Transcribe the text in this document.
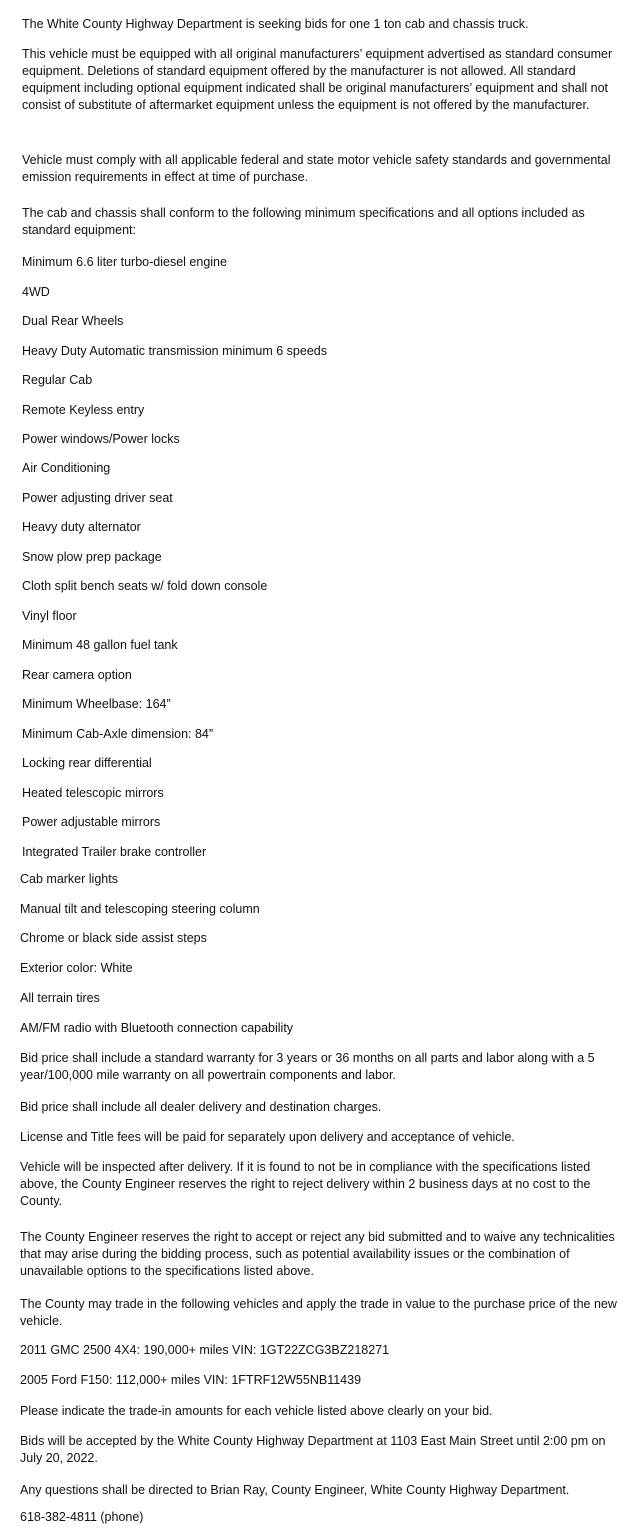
The White County Highway Department is seeking bids for one 1 ton cab and chassis truck.
This vehicle must be equipped with all original manufacturers’ equipment advertised as standard consumer equipment. Deletions of standard equipment offered by the manufacturer is not allowed. All standard equipment including optional equipment indicated shall be original manufacturers’ equipment and shall not consist of substitute of aftermarket equipment unless the equipment is not offered by the manufacturer.
Vehicle must comply with all applicable federal and state motor vehicle safety standards and governmental emission requirements in effect at time of purchase.
The cab and chassis shall conform to the following minimum specifications and all options included as standard equipment:
Minimum 6.6 liter turbo-diesel engine
4WD
Dual Rear Wheels
Heavy Duty Automatic transmission minimum 6 speeds
Regular Cab
Remote Keyless entry
Power windows/Power locks
Air Conditioning
Power adjusting driver seat
Heavy duty alternator
Snow plow prep package
Cloth split bench seats w/ fold down console
Vinyl floor
Minimum 48 gallon fuel tank
Rear camera option
Minimum Wheelbase: 164”
Minimum Cab-Axle dimension: 84”
Locking rear differential
Heated telescopic mirrors
Power adjustable mirrors
Integrated Trailer brake controller
Cab marker lights
Manual tilt and telescoping steering column
Chrome or black side assist steps
Exterior color: White
All terrain tires
AM/FM radio with Bluetooth connection capability
Bid price shall include a standard warranty for 3 years or 36 months on all parts and labor along with a 5 year/100,000 mile warranty on all powertrain components and labor.
Bid price shall include all dealer delivery and destination charges.
License and Title fees will be paid for separately upon delivery and acceptance of vehicle.
Vehicle will be inspected after delivery. If it is found to not be in compliance with the specifications listed above, the County Engineer reserves the right to reject delivery within 2 business days at no cost to the County.
The County Engineer reserves the right to accept or reject any bid submitted and to waive any technicalities that may arise during the bidding process, such as potential availability issues or the combination of unavailable options to the specifications listed above.
The County may trade in the following vehicles and apply the trade in value to the purchase price of the new vehicle.
2011 GMC 2500 4X4: 190,000+ miles VIN: 1GT22ZCG3BZ218271
2005 Ford F150: 112,000+ miles VIN: 1FTRF12W55NB11439
Please indicate the trade-in amounts for each vehicle listed above clearly on your bid.
Bids will be accepted by the White County Highway Department at 1103 East Main Street until 2:00 pm on July 20, 2022.
Any questions shall be directed to Brian Ray, County Engineer, White County Highway Department.
618-382-4811 (phone)
